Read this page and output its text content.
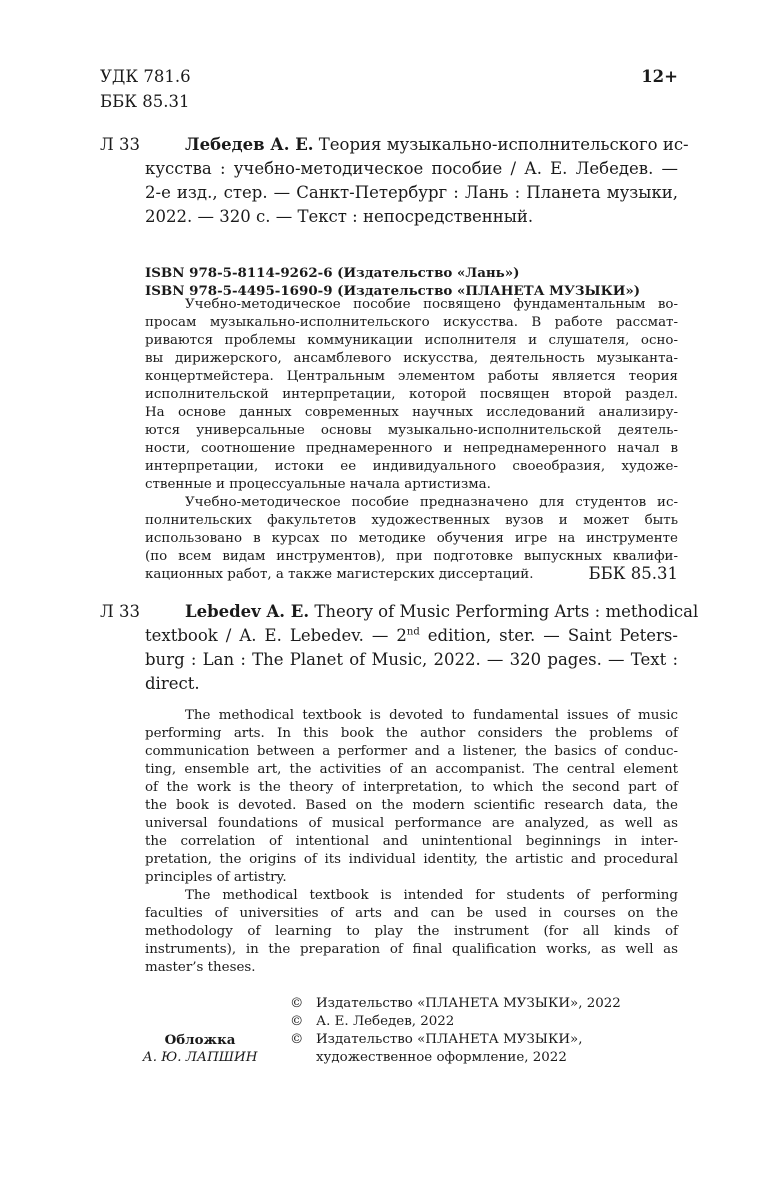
УДК 781.6
ББК 85.31
12+
Л 33	Лебедев А. Е. Теория музыкально-исполнительского ис-
кусства : учебно-методическое пособие / А. Е. Лебедев. —
2-е изд., стер. — Санкт-Петербург : Лань : Планета музыки,
2022. — 320 с. — Текст : непосредственный.
ISBN 978-5-8114-9262-6 (Издательство «Лань»)
ISBN 978-5-4495-1690-9 (Издательство «ПЛАНЕТА МУЗЫКИ»)
Учебно-методическое пособие посвящено фундаментальным во-
просам музыкально-исполнительского искусства. В работе рассмат-
риваются проблемы коммуникации исполнителя и слушателя, осно-
вы дирижерского, ансамблевого искусства, деятельность музыканта-
концертмейстера. Центральным элементом работы является теория
исполнительской интерпретации, которой посвящен второй раздел.
На основе данных современных научных исследований анализиру-
ются универсальные основы музыкально-исполнительской деятель-
ности, соотношение преднамеренного и непреднамеренного начал в
интерпретации, истоки ее индивидуального своеобразия, художе-
ственные и процессуальные начала артистизма.
Учебно-методическое пособие предназначено для студентов ис-
полнительских факультетов художественных вузов и может быть
использовано в курсах по методике обучения игре на инструменте
(по всем видам инструментов), при подготовке выпускных квалифи-
кационных работ, а также магистерских диссертаций.	ББК 85.31
Л 33	Lebedev A. E. Theory of Music Performing Arts : methodical
textbook / A. E. Lebedev. — 2nd edition, ster. — Saint Peters-
burg : Lan : The Planet of Music, 2022. — 320 pages. — Text :
direct.
The methodical textbook is devoted to fundamental issues of music
performing arts. In this book the author considers the problems of
communication between a performer and a listener, the basics of conduc-
ting, ensemble art, the activities of an accompanist. The central element
of the work is the theory of interpretation, to which the second part of
the book is devoted. Based on the modern scientific research data, the
universal foundations of musical performance are analyzed, as well as
the correlation of intentional and unintentional beginnings in inter-
pretation, the origins of its individual identity, the artistic and procedural
principles of artistry.
The methodical textbook is intended for students of performing
faculties of universities of arts and can be used in courses on the
methodology of learning to play the instrument (for all kinds of
instruments), in the preparation of final qualification works, as well as
master’s theses.
Обложка
А. Ю. ЛАПШИН
© Издательство «ПЛАНЕТА МУЗЫКИ», 2022
© А. Е. Лебедев, 2022
© Издательство «ПЛАНЕТА МУЗЫКИ»,
художественное оформление, 2022
